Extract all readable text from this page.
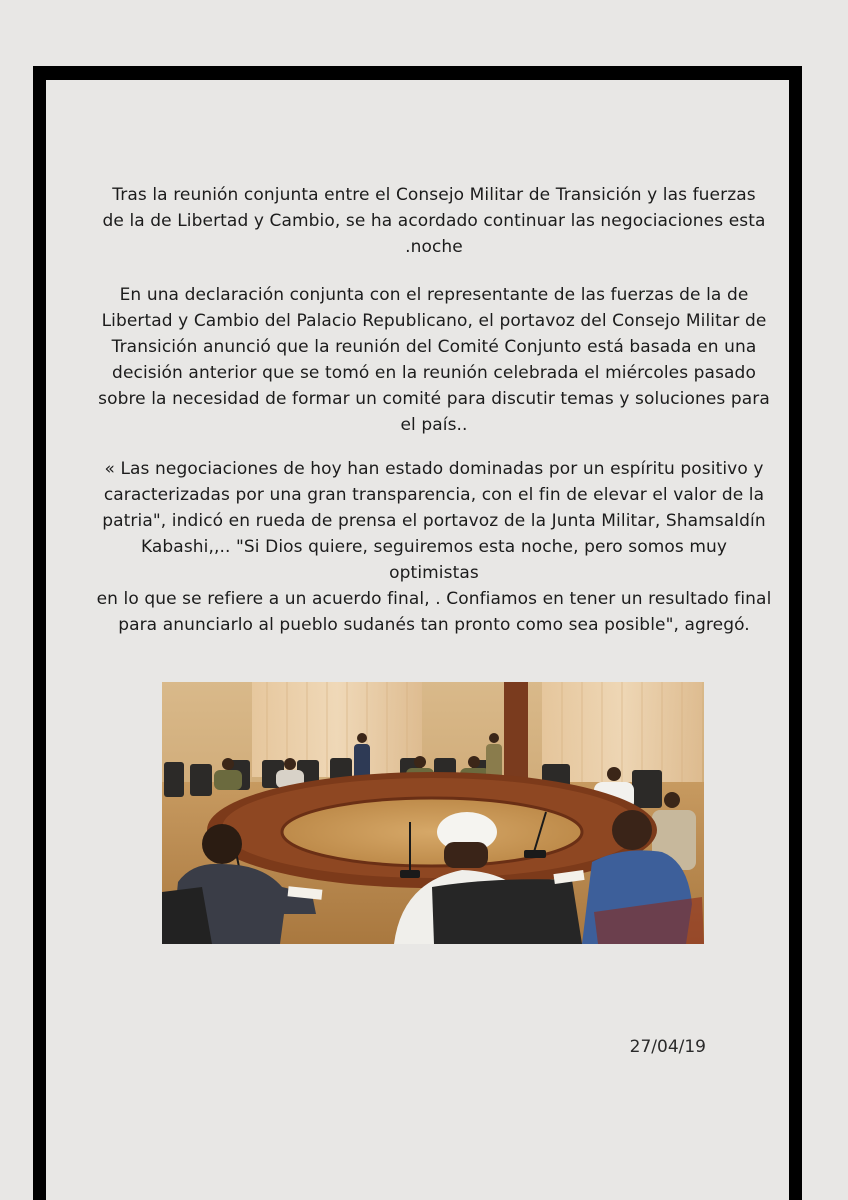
Tras la reunión conjunta entre el Consejo Militar de Transición y las fuerzas
de la de Libertad y Cambio, se ha acordado continuar las negociaciones esta
.noche

En una declaración conjunta con el representante de las fuerzas de la de
Libertad y Cambio del Palacio Republicano, el portavoz del Consejo Militar de
Transición anunció que la reunión del Comité Conjunto está basada en una
decisión anterior que se tomó en la reunión celebrada el miércoles pasado
sobre la necesidad de formar un comité para discutir temas y soluciones para
el país..

« Las negociaciones de hoy han estado dominadas por un espíritu positivo y
caracterizadas por una gran transparencia, con el fin de elevar el valor de la
patria", indicó en rueda de prensa el portavoz de la Junta Militar, Shamsaldín
Kabashi,,.. "Si Dios quiere, seguiremos esta noche, pero somos muy optimistas
en lo que se refiere a un acuerdo final, . Confiamos en tener un resultado final
para anunciarlo al pueblo sudanés tan pronto como sea posible", agregó.

27/04/19
